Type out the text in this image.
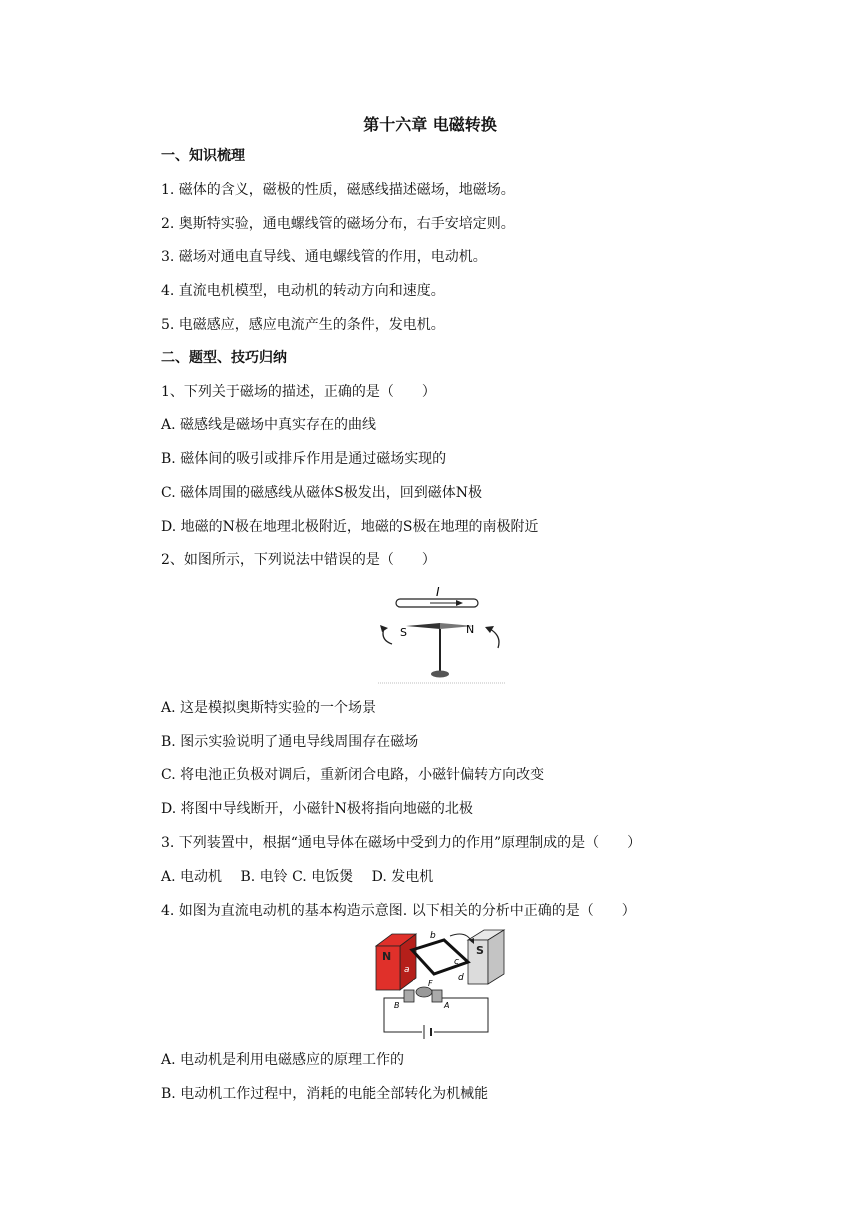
第十六章 电磁转换
一、知识梳理
1. 磁体的含义，磁极的性质，磁感线描述磁场，地磁场。
2. 奥斯特实验，通电螺线管的磁场分布，右手安培定则。
3. 磁场对通电直导线、通电螺线管的作用，电动机。
4. 直流电机模型，电动机的转动方向和速度。
5. 电磁感应，感应电流产生的条件，发电机。
二、题型、技巧归纳
1、下列关于磁场的描述，正确的是（　　）
A. 磁感线是磁场中真实存在的曲线
B. 磁体间的吸引或排斥作用是通过磁场实现的
C. 磁体周围的磁感线从磁体S极发出，回到磁体N极
D. 地磁的N极在地理北极附近，地磁的S极在地理的南极附近
2、如图所示，下列说法中错误的是（　　）
I
S	N
A. 这是模拟奥斯特实验的一个场景
B. 图示实验说明了通电导线周围存在磁场
C. 将电池正负极对调后，重新闭合电路，小磁针偏转方向改变
D. 将图中导线断开，小磁针N极将指向地磁的北极
3. 下列装置中，根据“通电导体在磁场中受到力的作用”原理制成的是（　　）
A. 电动机　 B. 电铃 C. 电饭煲　 D. 发电机
4. 如图为直流电动机的基本构造示意图. 以下相关的分析中正确的是（　　）
N	S
b
a
c
d
E F
B	A
A. 电动机是利用电磁感应的原理工作的
B. 电动机工作过程中，消耗的电能全部转化为机械能
